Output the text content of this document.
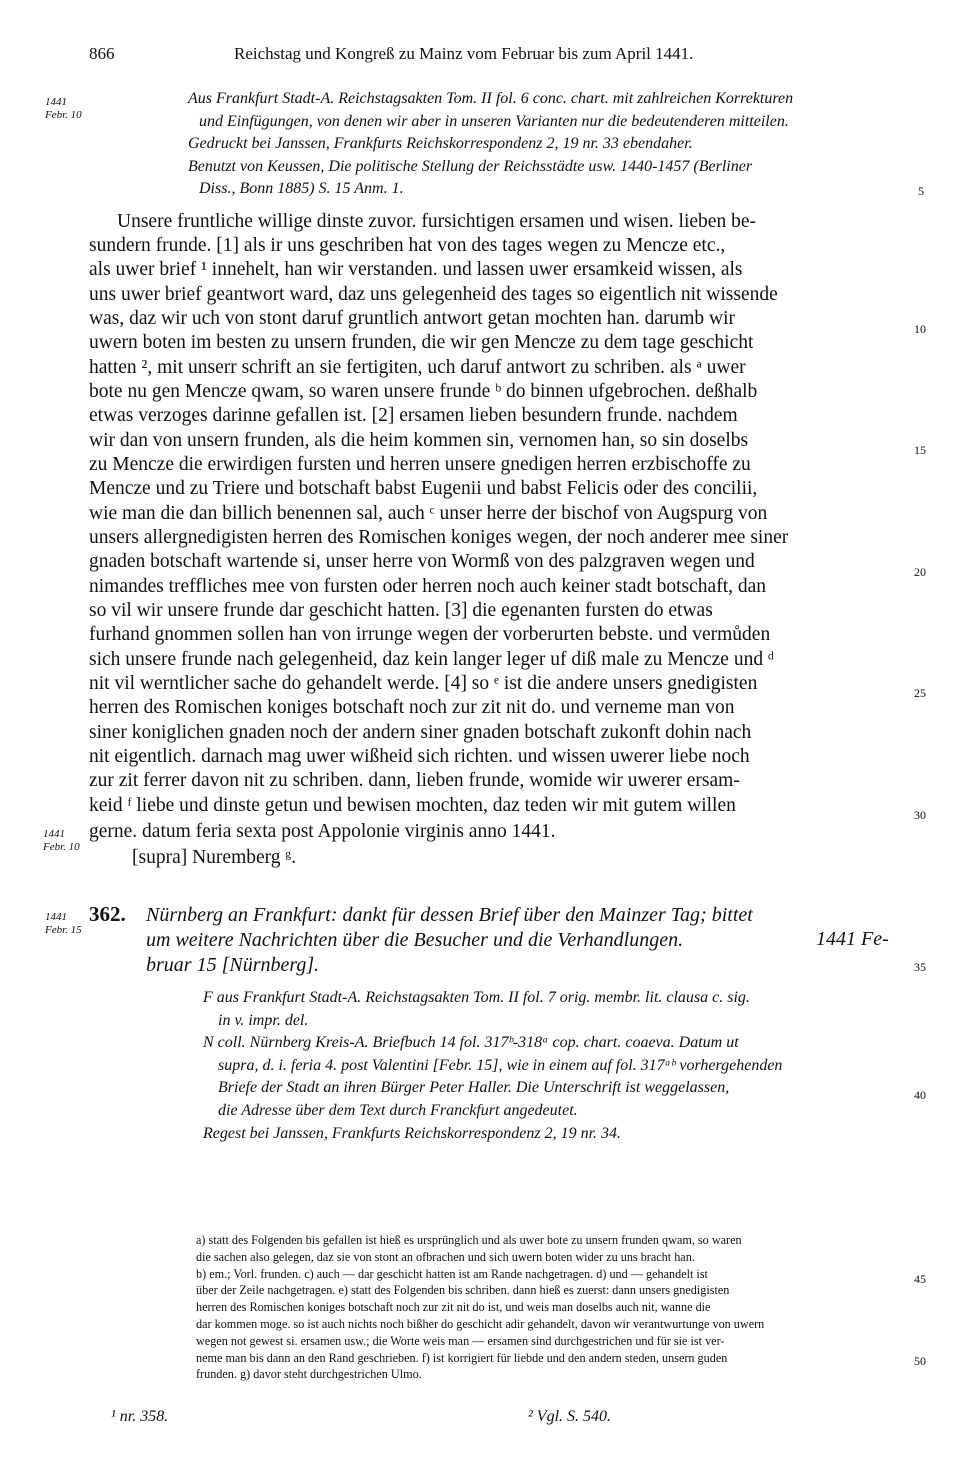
866	Reichstag und Kongreß zu Mainz vom Februar bis zum April 1441.
1441
Febr. 10
Aus Frankfurt Stadt-A. Reichstagsakten Tom. II fol. 6 conc. chart. mit zahlreichen Korrekturen
und Einfügungen, von denen wir aber in unseren Varianten nur die bedeutenderen mitteilen.
Gedruckt bei Janssen, Frankfurts Reichskorrespondenz 2, 19 nr. 33 ebendaher.
Benutzt von Keussen, Die politische Stellung der Reichsstädte usw. 1440-1457 (Berliner
Diss., Bonn 1885) S. 15 Anm. 1.	5
Unsere fruntliche willige dinste zuvor. fursichtigen ersamen und wisen. lieben be-
sundern frunde. [1] als ir uns geschriben hat von des tages wegen zu Mencze etc.,
als uwer brief ¹ innehelt, han wir verstanden. und lassen uwer ersamkeid wissen, als
uns uwer brief geantwort ward, daz uns gelegenheid des tages so eigentlich nit wissende
was, daz wir uch von stont daruf gruntlich antwort getan mochten han. darumb wir
uwern boten im besten zu unsern frunden, die wir gen Mencze zu dem tage geschicht
hatten ², mit unserr schrift an sie fertigiten, uch daruf antwort zu schriben. als ᵃ uwer
bote nu gen Mencze qwam, so waren unsere frunde ᵇ do binnen ufgebrochen. deßhalb
etwas verzoges darinne gefallen ist. [2] ersamen lieben besundern frunde. nachdem
wir dan von unsern frunden, als die heim kommen sin, vernomen han, so sin doselbs
zu Mencze die erwirdigen fursten und herren unsere gnedigen herren erzbischoffe zu
Mencze und zu Triere und botschaft babst Eugenii und babst Felicis oder des concilii,
wie man die dan billich benennen sal, auch ᶜ unser herre der bischof von Augspurg von
unsers allergnedigisten herren des Romischen koniges wegen, der noch anderer mee siner
gnaden botschaft wartende si, unser herre von Wormß von des palzgraven wegen und
nimandes treffliches mee von fursten oder herren noch auch keiner stadt botschaft, dan
so vil wir unsere frunde dar geschicht hatten. [3] die egenanten fursten do etwas
furhand gnommen sollen han von irrunge wegen der vorberurten bebste. und vermůden
sich unsere frunde nach gelegenheid, daz kein langer leger uf diß male zu Mencze und ᵈ
nit vil werntlicher sache do gehandelt werde. [4] so ᵉ ist die andere unsers gnedigisten
herren des Romischen koniges botschaft noch zur zit nit do. und verneme man von
siner koniglichen gnaden noch der andern siner gnaden botschaft zukonft dohin nach
nit eigentlich. darnach mag uwer wißheid sich richten. und wissen uwerer liebe noch
zur zit ferrer davon nit zu schriben. dann, lieben frunde, womide wir uwerer ersam-
keid ᶠ liebe und dinste getun und bewisen mochten, daz teden wir mit gutem willen
gerne. datum feria sexta post Appolonie virginis anno 1441.
[supra] Nuremberg ᵍ.
10
15
20
25
30
1441
Febr. 10
1441
Febr. 15
362. Nürnberg an Frankfurt: dankt für dessen Brief über den Mainzer Tag; bittet
um weitere Nachrichten über die Besucher und die Verhandlungen.
bruar 15 [Nürnberg].
1441 Fe-
35
F aus Frankfurt Stadt-A. Reichstagsakten Tom. II fol. 7 orig. membr. lit. clausa c. sig.
in v. impr. del.
N coll. Nürnberg Kreis-A. Briefbuch 14 fol. 317ᵇ-318ᵃ cop. chart. coaeva. Datum ut
supra, d. i. feria 4. post Valentini [Febr. 15], wie in einem auf fol. 317ᵃᵇ vorhergehenden
Briefe der Stadt an ihren Bürger Peter Haller. Die Unterschrift ist weggelassen,
die Adresse über dem Text durch Franckfurt angedeutet.
Regest bei Janssen, Frankfurts Reichskorrespondenz 2, 19 nr. 34.
40
a) statt des Folgenden bis gefallen ist hieß es ursprünglich und als uwer bote zu unsern frunden qwam, so waren
die sachen also gelegen, daz sie von stont an ofbrachen und sich uwern boten wider zu uns bracht han.
b) em.; Vorl. frunden. c) auch — dar geschicht hatten ist am Rande nachgetragen. d) und — gehandelt ist
über der Zeile nachgetragen. e) statt des Folgenden bis schriben. dann hieß es zuerst: dann unsers gnedigisten
herren des Romischen koniges botschaft noch zur zit nit do ist, und weis man doselbs auch nit, wanne die
dar kommen moge. so ist auch nichts noch bißher do geschicht adir gehandelt, davon wir verantwurtunge von uwern
wegen not gewest si. ersamen usw.; die Worte weis man — ersamen sind durchgestrichen und für sie ist ver-
neme man bis dann an den Rand geschrieben. f) ist korrigiert für liebde und den andern steden, unsern guden
frunden. g) davor steht durchgestrichen Ulmo.
45
50
¹ nr. 358.	² Vgl. S. 540.
